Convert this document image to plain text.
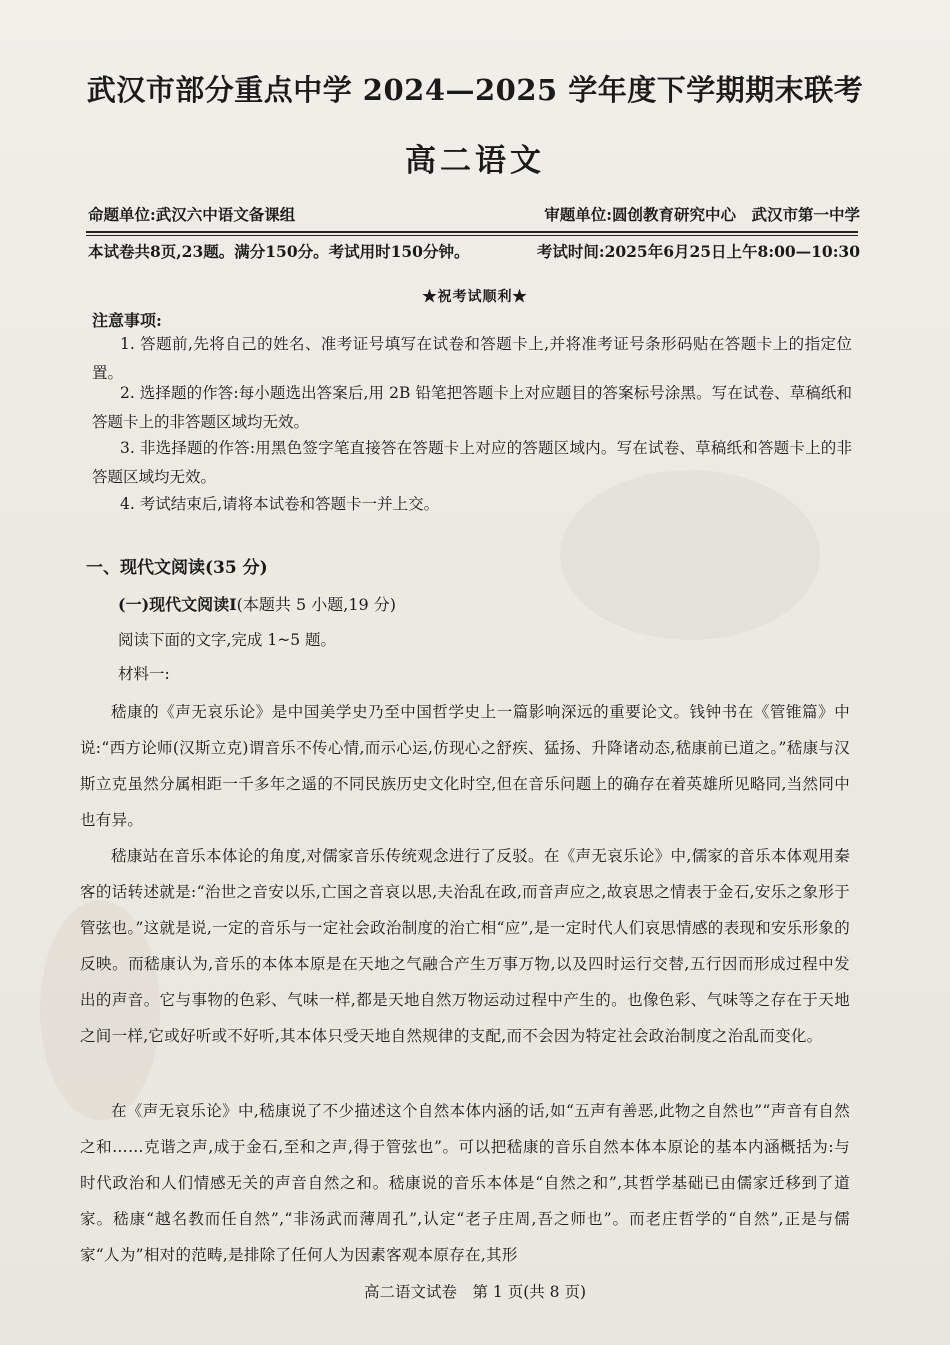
武汉市部分重点中学 2024—2025 学年度下学期期末联考
高二语文
命题单位:武汉六中语文备课组	审题单位:圆创教育研究中心　武汉市第一中学
本试卷共8页,23题。满分150分。考试用时150分钟。	考试时间:2025年6月25日上午8:00—10:30
★祝考试顺利★
注意事项:
1. 答题前,先将自己的姓名、准考证号填写在试卷和答题卡上,并将准考证号条形码贴在答题卡上的指定位置。
2. 选择题的作答:每小题选出答案后,用 2B 铅笔把答题卡上对应题目的答案标号涂黑。写在试卷、草稿纸和答题卡上的非答题区域均无效。
3. 非选择题的作答:用黑色签字笔直接答在答题卡上对应的答题区域内。写在试卷、草稿纸和答题卡上的非答题区域均无效。
4. 考试结束后,请将本试卷和答题卡一并上交。
一、现代文阅读(35 分)
(一)现代文阅读Ⅰ(本题共 5 小题,19 分)
阅读下面的文字,完成 1~5 题。
材料一:
嵇康的《声无哀乐论》是中国美学史乃至中国哲学史上一篇影响深远的重要论文。钱钟书在《管锥篇》中说:“西方论师(汉斯立克)谓音乐不传心情,而示心运,仿现心之舒疾、猛扬、升降诸动态,嵇康前已道之。”嵇康与汉斯立克虽然分属相距一千多年之遥的不同民族历史文化时空,但在音乐问题上的确存在着英雄所见略同,当然同中也有异。
嵇康站在音乐本体论的角度,对儒家音乐传统观念进行了反驳。在《声无哀乐论》中,儒家的音乐本体观用秦客的话转述就是:“治世之音安以乐,亡国之音哀以思,夫治乱在政,而音声应之,故哀思之情表于金石,安乐之象形于管弦也。”这就是说,一定的音乐与一定社会政治制度的治亡相“应”,是一定时代人们哀思情感的表现和安乐形象的反映。而嵇康认为,音乐的本体本原是在天地之气融合产生万事万物,以及四时运行交替,五行因而形成过程中发出的声音。它与事物的色彩、气味一样,都是天地自然万物运动过程中产生的。也像色彩、气味等之存在于天地之间一样,它或好听或不好听,其本体只受天地自然规律的支配,而不会因为特定社会政治制度之治乱而变化。
在《声无哀乐论》中,嵇康说了不少描述这个自然本体内涵的话,如“五声有善恶,此物之自然也”“声音有自然之和……克谐之声,成于金石,至和之声,得于管弦也”。可以把嵇康的音乐自然本体本原论的基本内涵概括为:与时代政治和人们情感无关的声音自然之和。嵇康说的音乐本体是“自然之和”,其哲学基础已由儒家迁移到了道家。嵇康“越名教而任自然”,“非汤武而薄周孔”,认定“老子庄周,吾之师也”。而老庄哲学的“自然”,正是与儒家“人为”相对的范畴,是排除了任何人为因素客观本原存在,其形
高二语文试卷　第 1 页(共 8 页)
